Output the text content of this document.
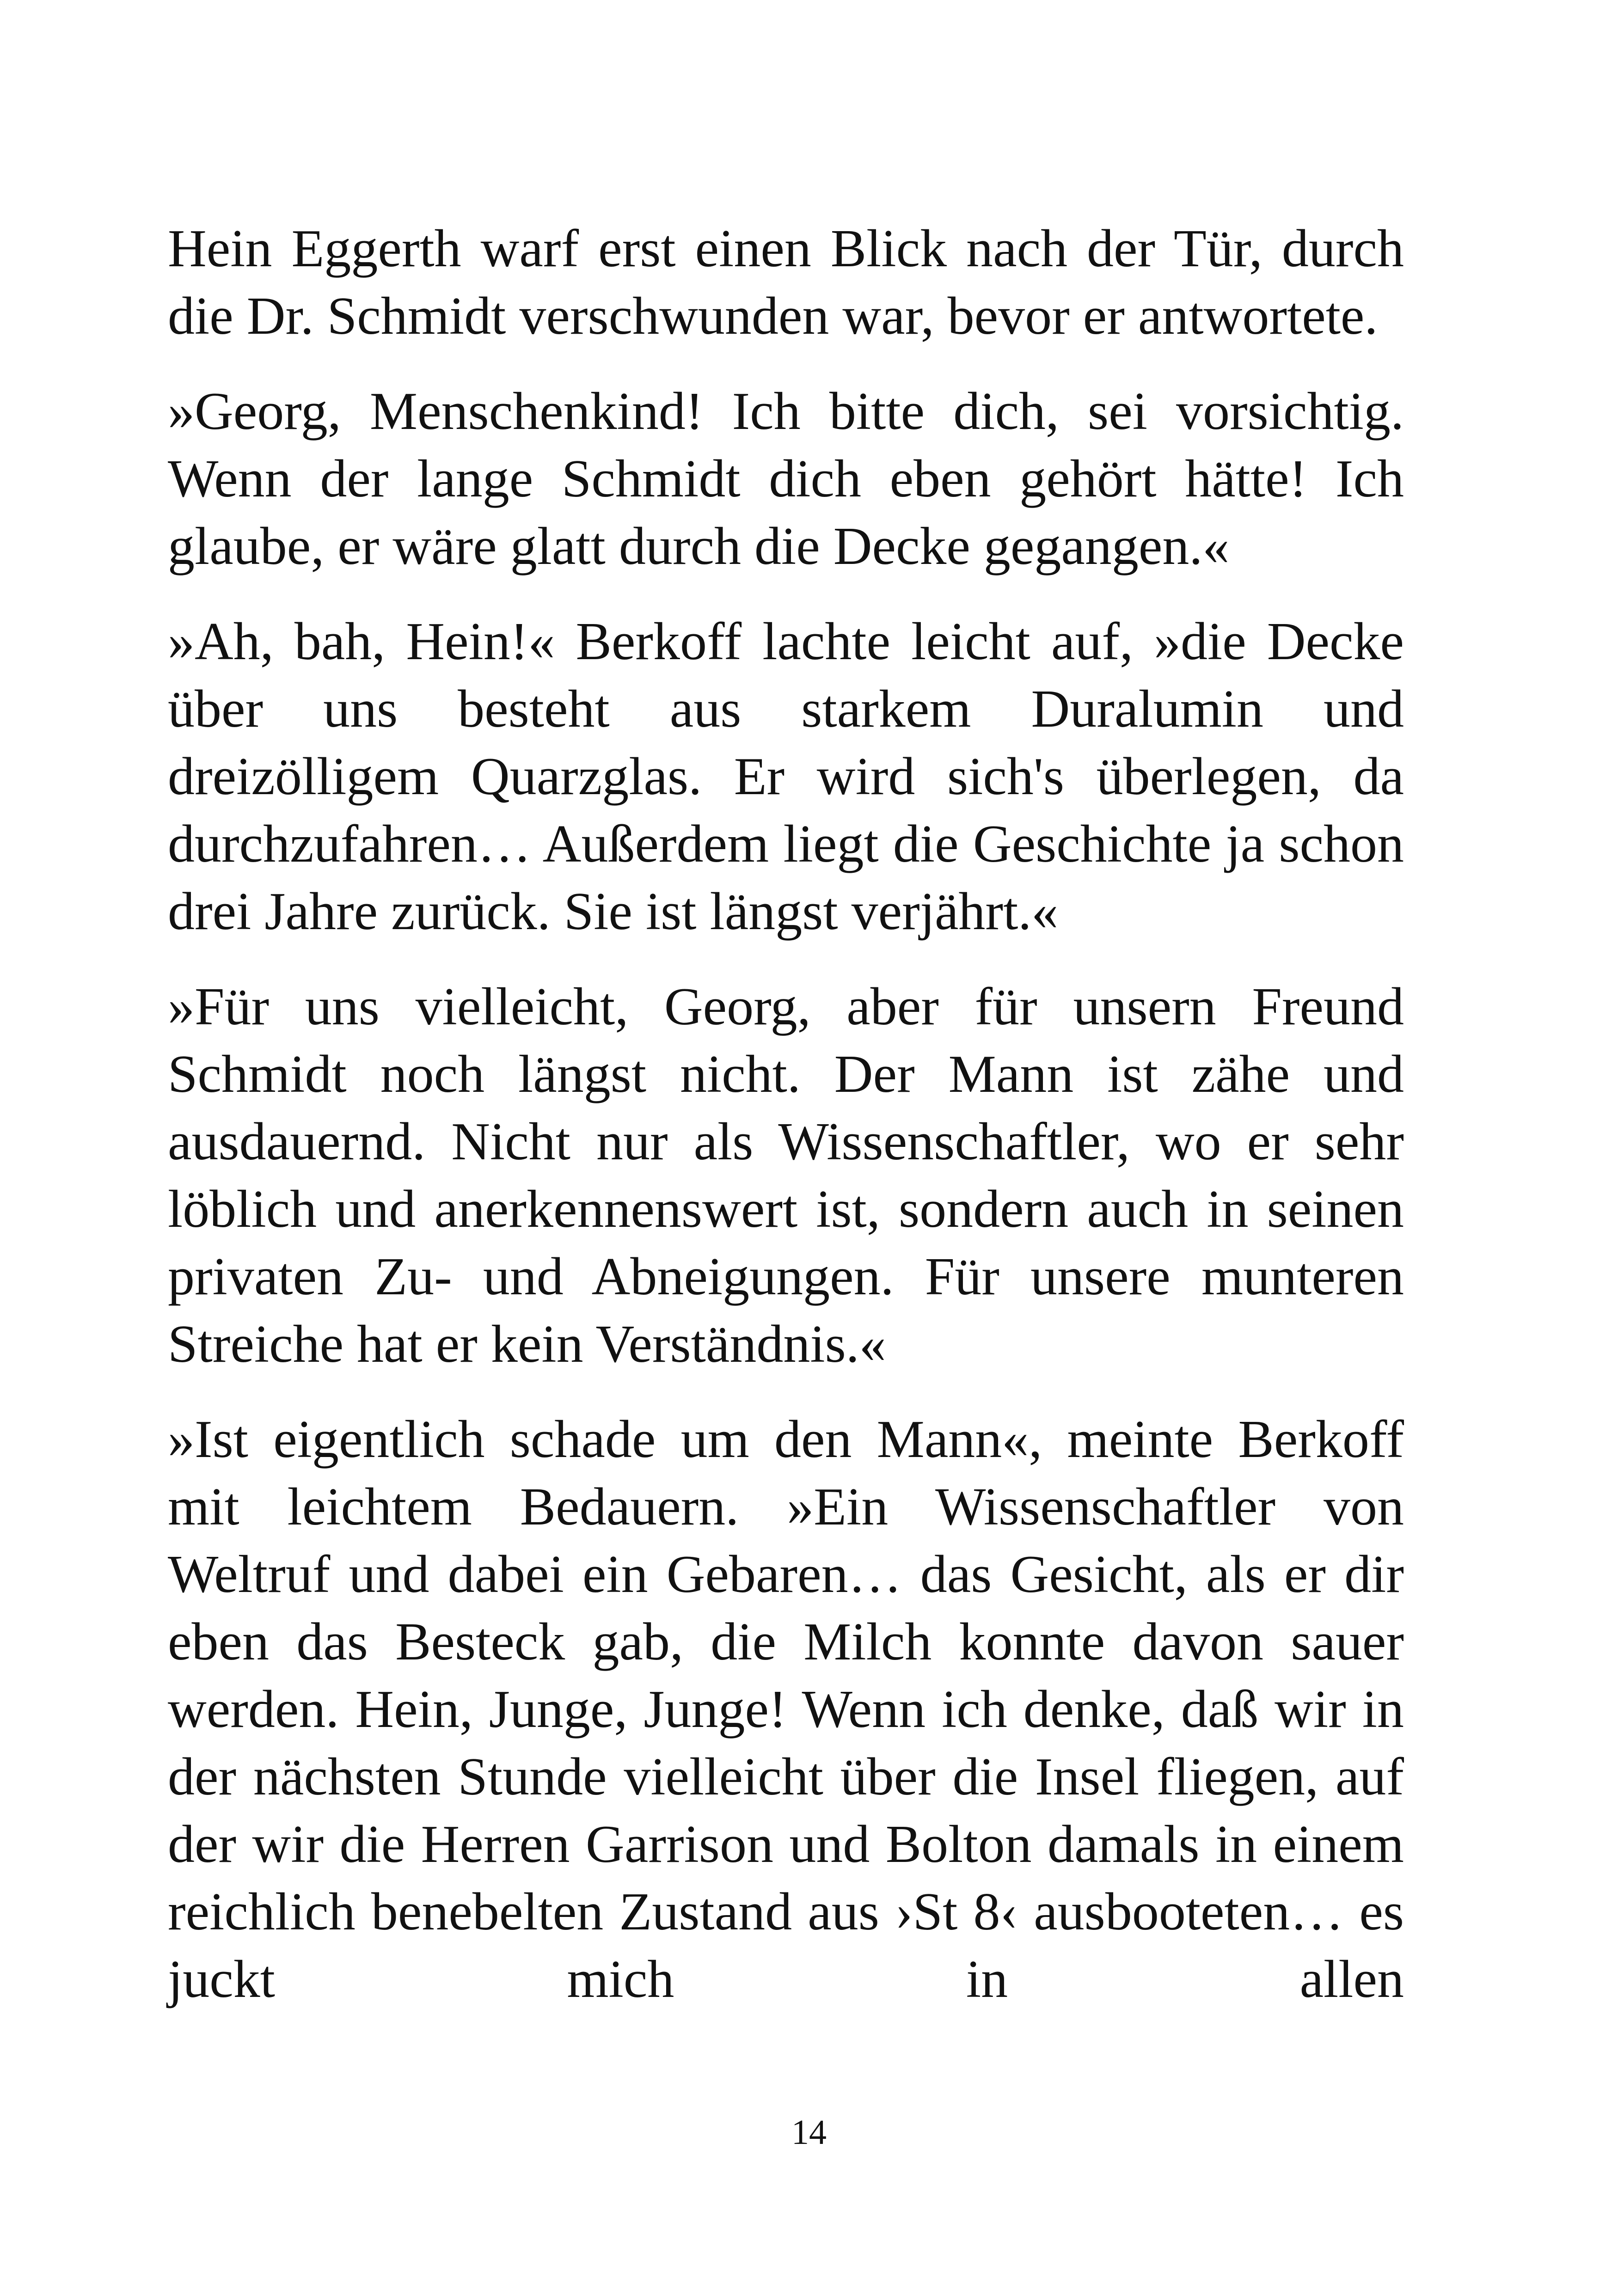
Hein Eggerth warf erst einen Blick nach der Tür, durch die Dr. Schmidt verschwunden war, bevor er antwortete.

»Georg, Menschenkind! Ich bitte dich, sei vorsichtig. Wenn der lange Schmidt dich eben gehört hätte! Ich glaube, er wäre glatt durch die Decke gegangen.«

»Ah, bah, Hein!« Berkoff lachte leicht auf, »die Decke über uns besteht aus starkem Duralumin und dreizölligem Quarzglas. Er wird sich's überlegen, da durchzufahren… Außerdem liegt die Geschichte ja schon drei Jahre zurück. Sie ist längst verjährt.«

»Für uns vielleicht, Georg, aber für unsern Freund Schmidt noch längst nicht. Der Mann ist zähe und ausdauernd. Nicht nur als Wissenschaftler, wo er sehr löblich und anerkennenswert ist, sondern auch in seinen privaten Zu- und Abneigungen. Für unsere munteren Streiche hat er kein Verständnis.«

»Ist eigentlich schade um den Mann«, meinte Berkoff mit leichtem Bedauern. »Ein Wissenschaftler von Weltruf und dabei ein Gebaren… das Gesicht, als er dir eben das Besteck gab, die Milch konnte davon sauer werden. Hein, Junge, Junge! Wenn ich denke, daß wir in der nächsten Stunde vielleicht über die Insel fliegen, auf der wir die Herren Garrison und Bolton damals in einem reichlich benebelten Zustand aus ›St 8‹ ausbooteten… es juckt mich in allen

14
